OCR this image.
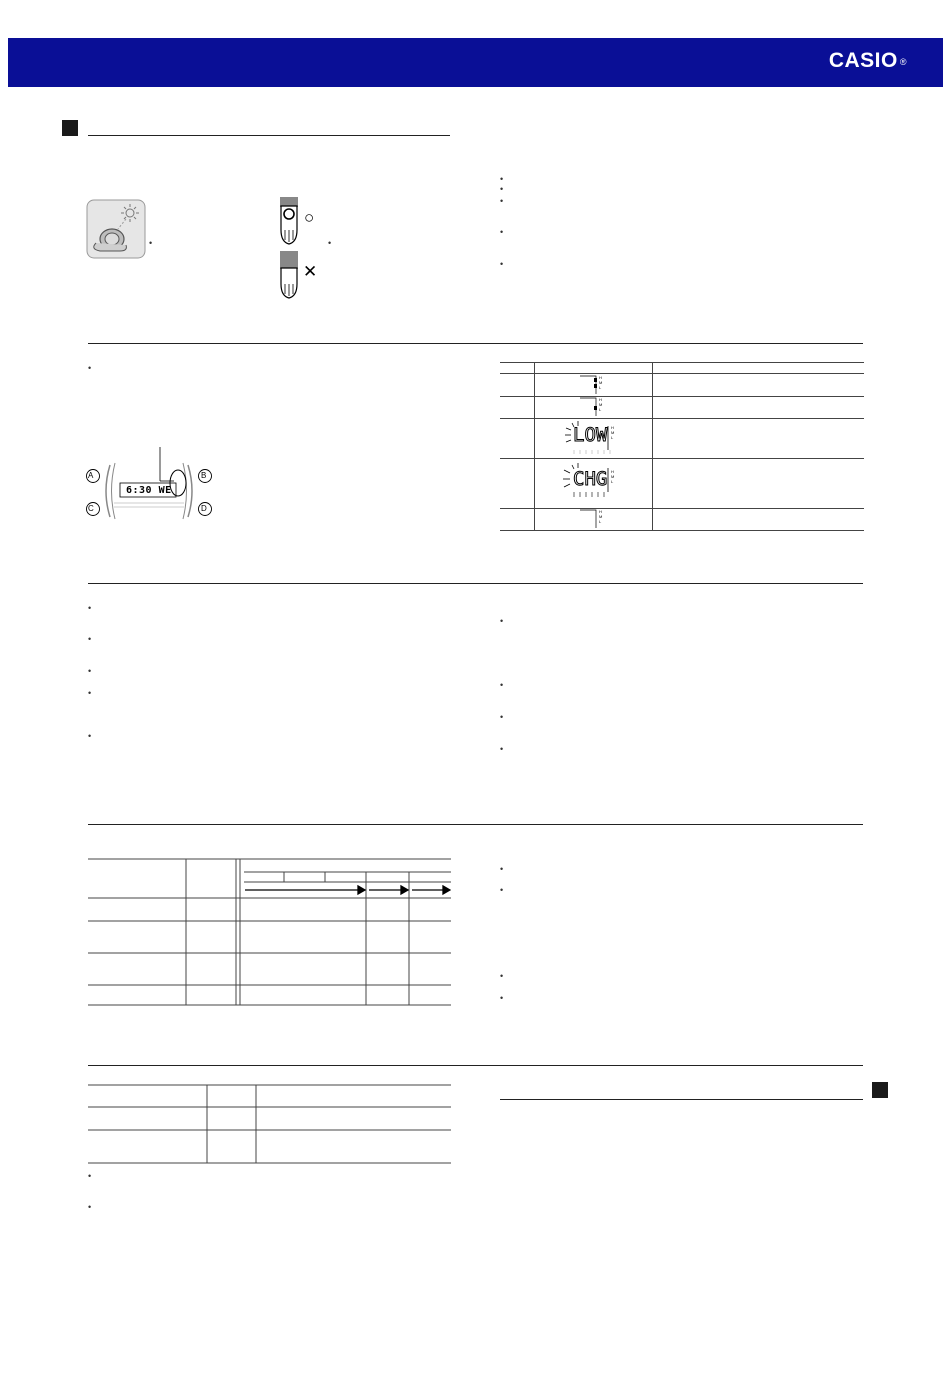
CASIO ®
•
○
•
✕
•
•
•
•
•
•
A	B
C	D
6:30 WE
H
M
L
H
M
L
LOW H
M
L
CHG H
M
L
H
M
L
•
•
•
•
•
•
•
•
•
•
•
•
•
•
•
